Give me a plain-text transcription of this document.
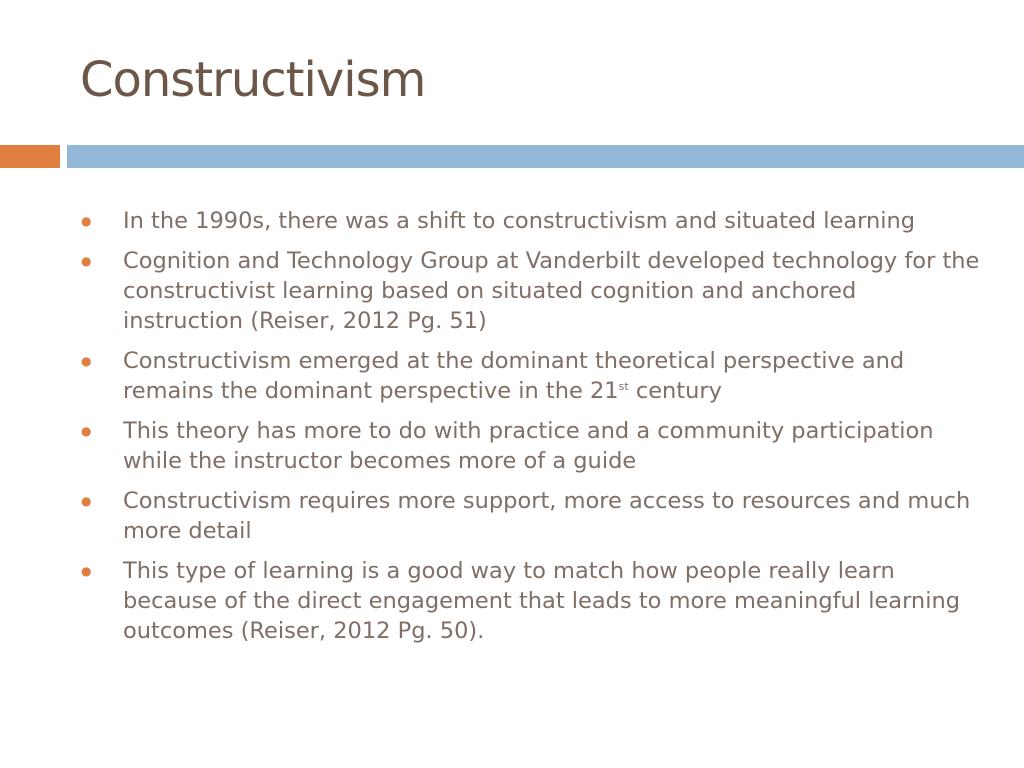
Constructivism
● In the 1990s, there was a shift to constructivism and situated learning
● Cognition and Technology Group at Vanderbilt developed technology for the constructivist learning based on situated cognition and anchored instruction (Reiser, 2012 Pg. 51)
● Constructivism emerged at the dominant theoretical perspective and remains the dominant perspective in the 21st century
● This theory has more to do with practice and a community participation while the instructor becomes more of a guide
● Constructivism requires more support, more access to resources and much more detail
● This type of learning is a good way to match how people really learn because of the direct engagement that leads to more meaningful learning outcomes (Reiser, 2012 Pg. 50).
